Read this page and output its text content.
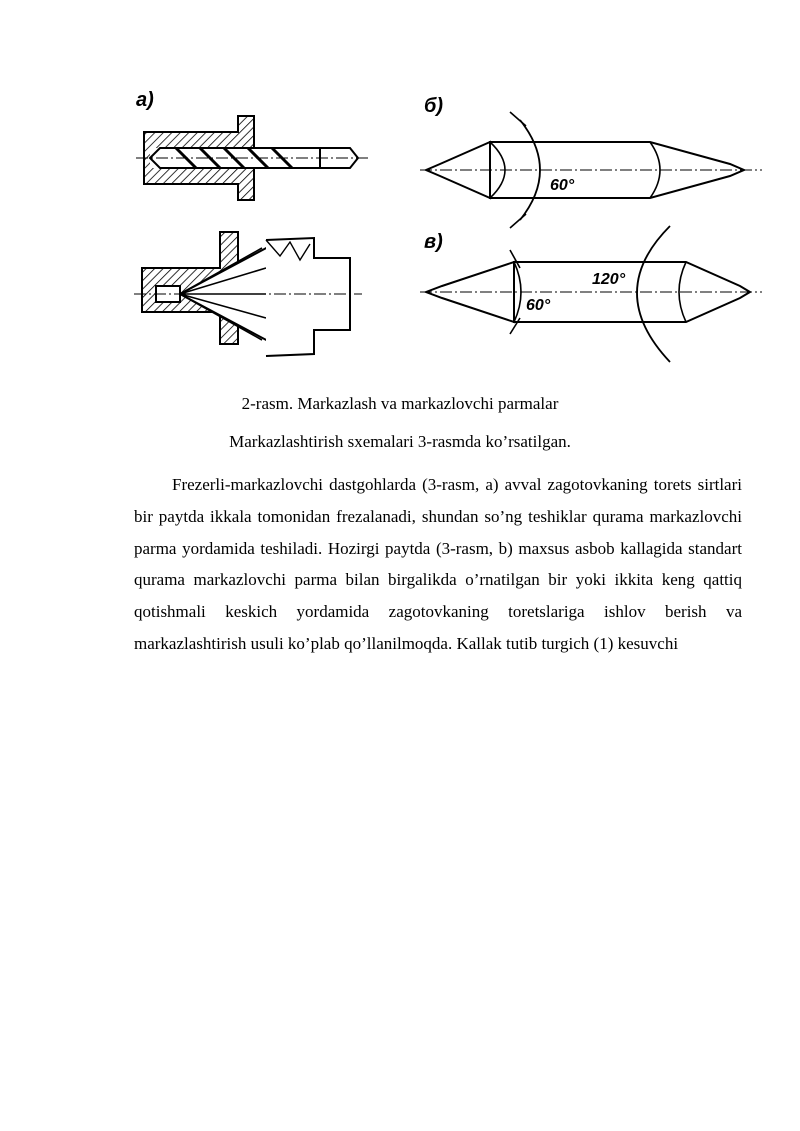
а)	б)
в)
60°
60°
120°
2-rasm. Markazlash va markazlovchi parmalar
Markazlashtirish sxemalari 3-rasmda ko’rsatilgan.

Frezerli-markazlovchi dastgohlarda (3-rasm, a) avval zagotovkaning torets sirtlari bir paytda ikkala tomonidan frezalanadi, shundan so’ng teshiklar qurama markazlovchi parma yordamida teshiladi. Hozirgi paytda (3-rasm, b) maxsus asbob kallagida standart qurama markazlovchi parma bilan birgalikda o’rnatilgan bir yoki ikkita keng qattiq qotishmali keskich yordamida zagotovkaning toretslariga ishlov berish va markazlashtirish usuli ko’plab qo’llanilmoqda. Kallak tutib turgich (1) kesuvchi
